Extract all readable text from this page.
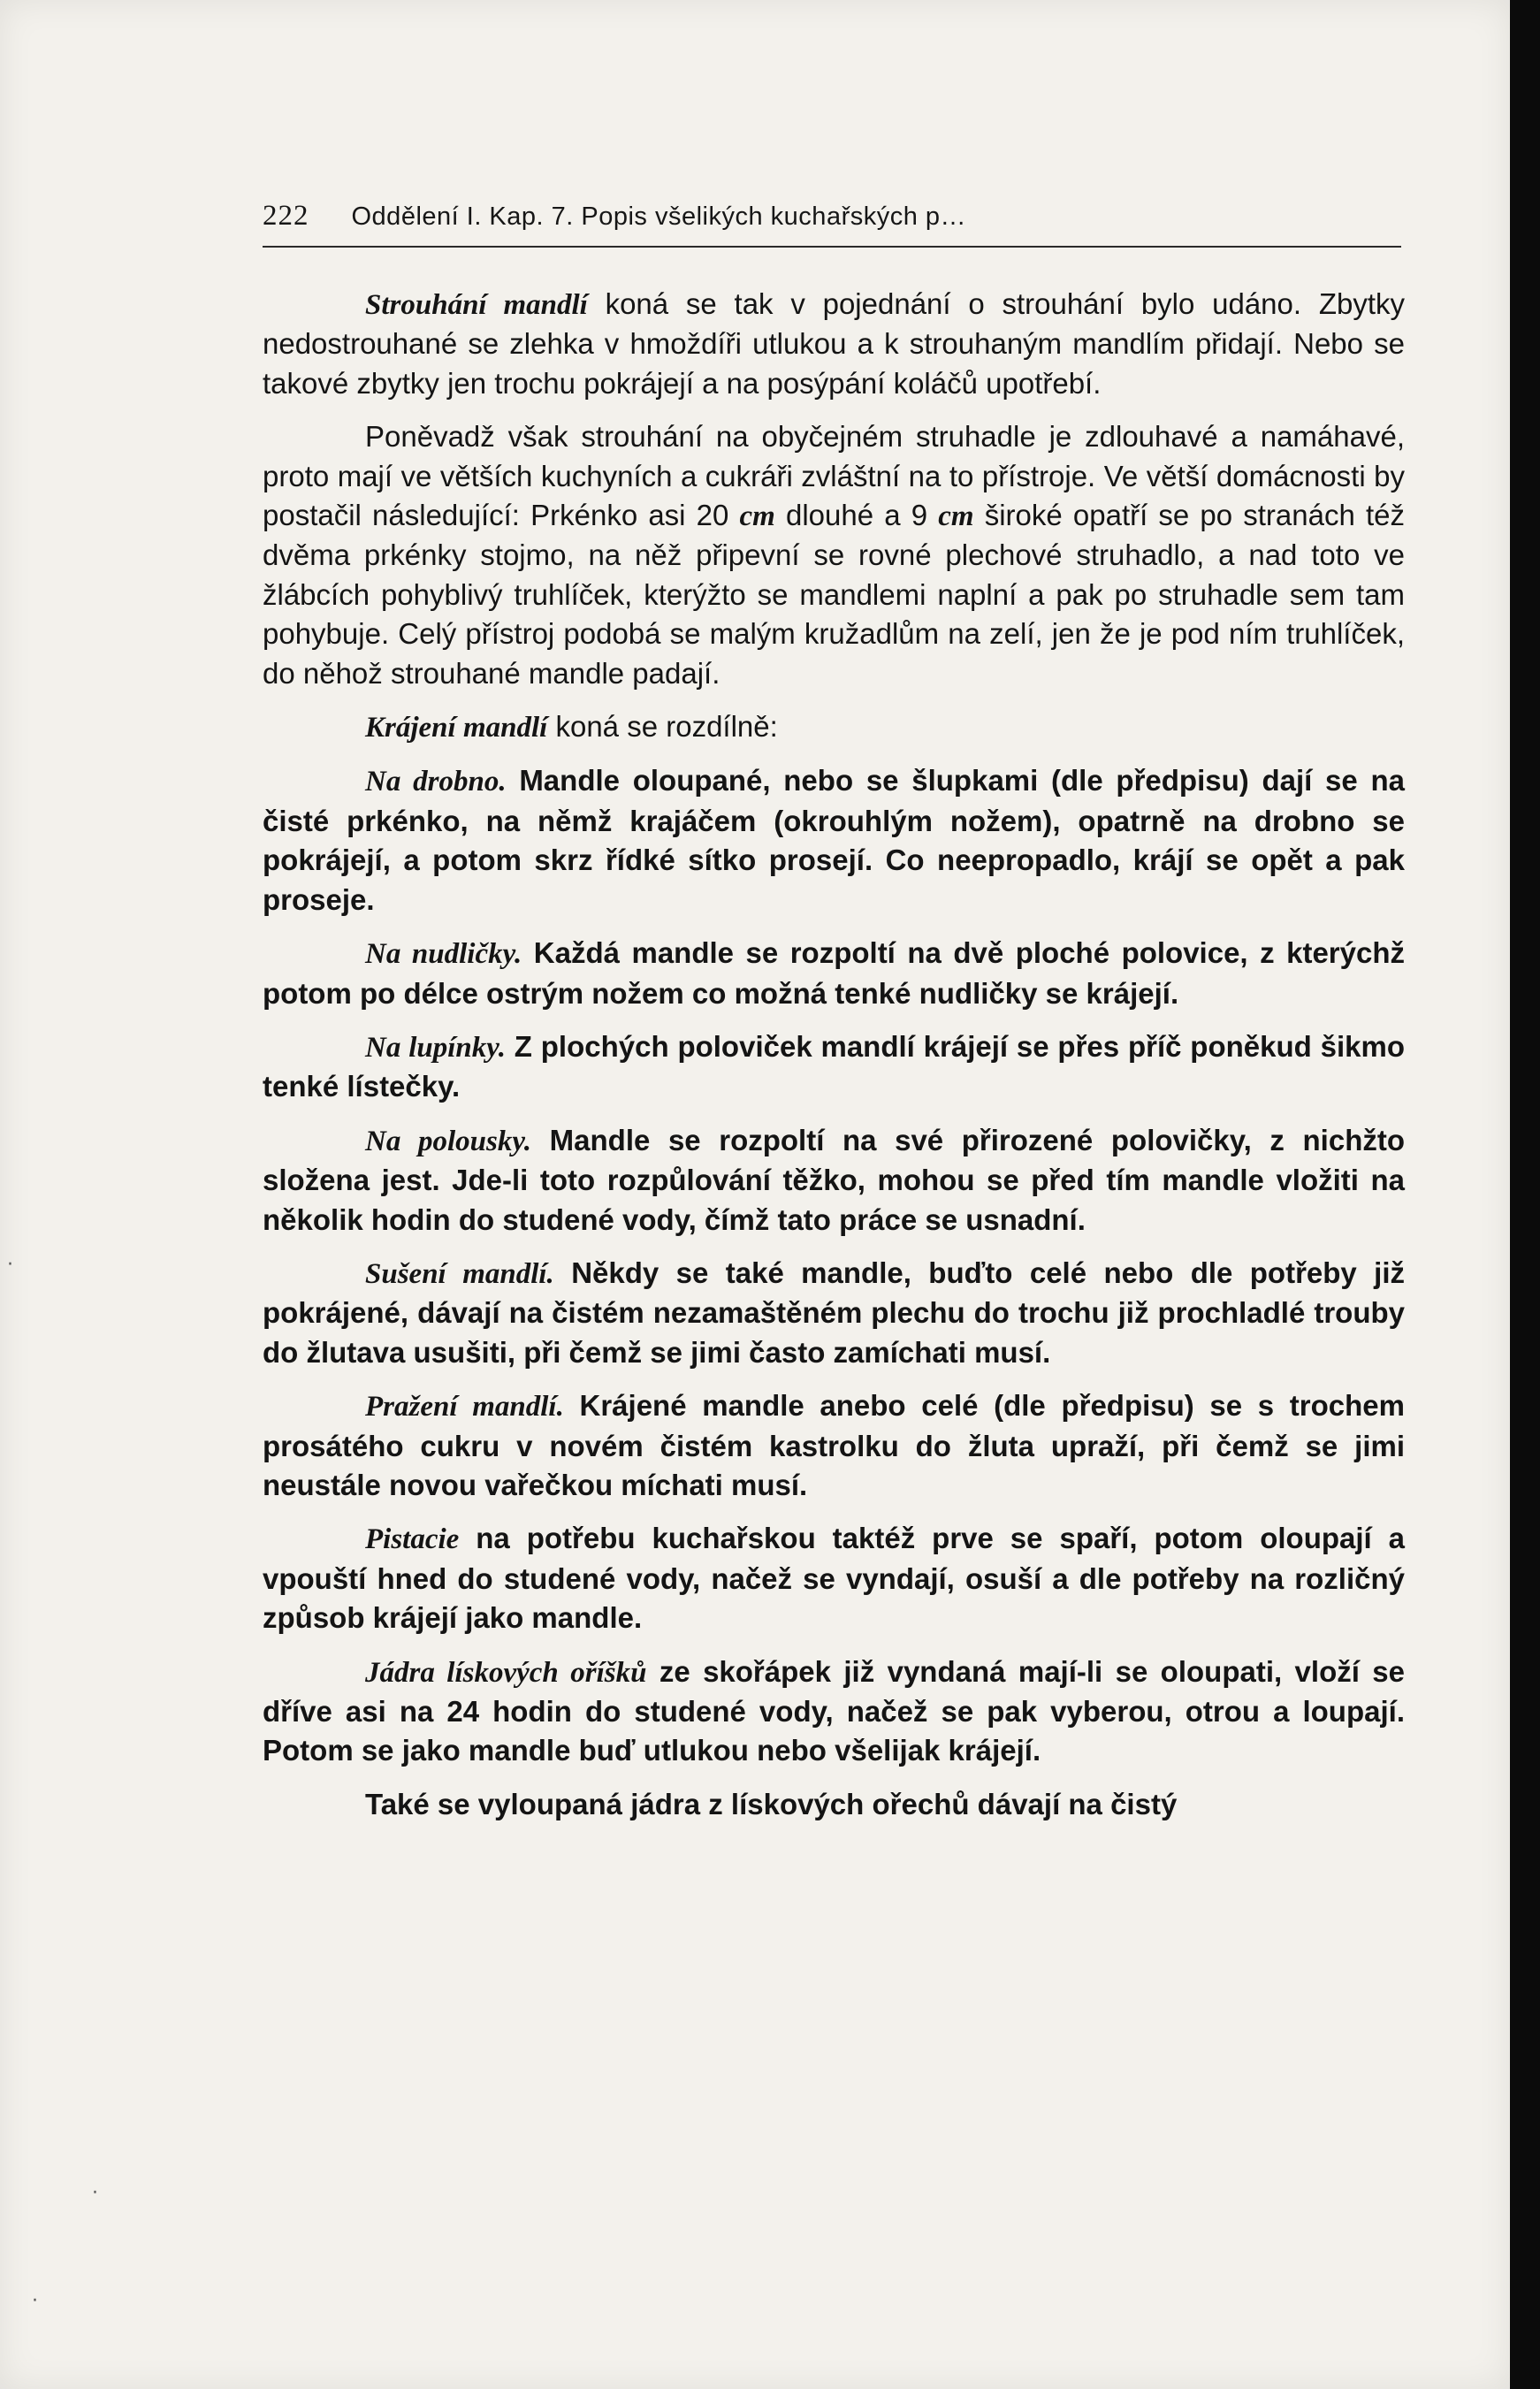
222 Oddělení I. Kap. 7. Popis všelikých kuchařských p…

Strouhání mandlí koná se tak v pojednání o strouhání bylo udáno. Zbytky nedostrouhané se zlehka v hmoždíři utlukou a k strouhaným mandlím přidají. Nebo se takové zbytky jen trochu pokrájejí a na posýpání koláčů upotřebí.

Poněvadž však strouhání na obyčejném struhadle je zdlouhavé a namáhavé, proto mají ve větších kuchyních a cukráři zvláštní na to přístroje. Ve větší domácnosti by postačil následující: Prkénko asi 20 cm dlouhé a 9 cm široké opatří se po stranách též dvěma prkénky stojmo, na něž připevní se rovné plechové struhadlo, a nad toto ve žlábcích pohyblivý truhlíček, kterýžto se mandlemi naplní a pak po struhadle sem tam pohybuje. Celý přístroj podobá se malým kružadlům na zelí, jen že je pod ním truhlíček, do něhož strouhané mandle padají.

Krájení mandlí koná se rozdílně:

Na drobno. Mandle oloupané, nebo se šlupkami (dle předpisu) dají se na čisté prkénko, na němž krajáčem (okrouhlým nožem), opatrně na drobno se pokrájejí, a potom skrz řídké sítko prosejí. Co neepropadlo, krájí se opět a pak proseje.

Na nudličky. Každá mandle se rozpoltí na dvě ploché polovice, z kterýchž potom po délce ostrým nožem co možná tenké nudličky se krájejí.

Na lupínky. Z plochých poloviček mandlí krájejí se přes příč poněkud šikmo tenké lístečky.

Na polousky. Mandle se rozpoltí na své přirozené polovičky, z nichžto složena jest. Jde-li toto rozpůlování těžko, mohou se před tím mandle vložiti na několik hodin do studené vody, čímž tato práce se usnadní.

Sušení mandlí. Někdy se také mandle, buďto celé nebo dle potřeby již pokrájené, dávají na čistém nezamaštěném plechu do trochu již prochladlé trouby do žlutava usušiti, při čemž se jimi často zamíchati musí.

Pražení mandlí. Krájené mandle anebo celé (dle předpisu) se s trochem prosátého cukru v novém čistém kastrolku do žluta upraží, při čemž se jimi neustále novou vařečkou míchati musí.

Pistacie na potřebu kuchařskou taktéž prve se spaří, potom oloupají a vpouští hned do studené vody, načež se vyndají, osuší a dle potřeby na rozličný způsob krájejí jako mandle.

Jádra lískových oříšků ze skořápek již vyndaná mají-li se oloupati, vloží se dříve asi na 24 hodin do studené vody, načež se pak vyberou, otrou a loupají. Potom se jako mandle buď utlukou nebo všelijak krájejí.

Také se vyloupaná jádra z lískových ořechů dávají na čistý

·
·
·
